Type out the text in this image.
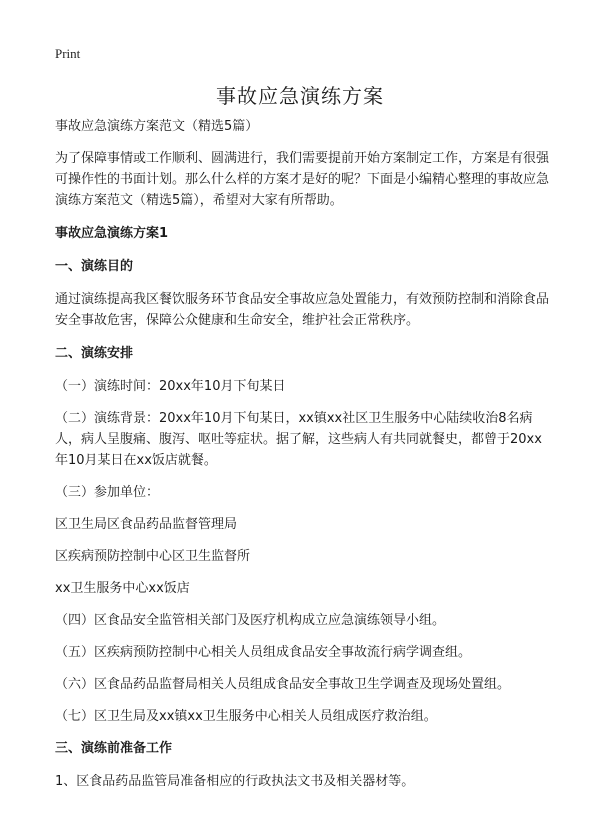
Print
事故应急演练方案

事故应急演练方案范文（精选5篇）

为了保障事情或工作顺利、圆满进行，我们需要提前开始方案制定工作，方案是有很强可操作性的书面计划。那么什么样的方案才是好的呢？下面是小编精心整理的事故应急演练方案范文（精选5篇），希望对大家有所帮助。

事故应急演练方案1

一、演练目的

通过演练提高我区餐饮服务环节食品安全事故应急处置能力，有效预防控制和消除食品安全事故危害，保障公众健康和生命安全，维护社会正常秩序。

二、演练安排

（一）演练时间：20xx年10月下旬某日

（二）演练背景：20xx年10月下旬某日，xx镇xx社区卫生服务中心陆续收治8名病人，病人呈腹痛、腹泻、呕吐等症状。据了解，这些病人有共同就餐史，都曾于20xx年10月某日在xx饭店就餐。

（三）参加单位：

区卫生局区食品药品监督管理局

区疾病预防控制中心区卫生监督所

xx卫生服务中心xx饭店

（四）区食品安全监管相关部门及医疗机构成立应急演练领导小组。

（五）区疾病预防控制中心相关人员组成食品安全事故流行病学调查组。

（六）区食品药品监督局相关人员组成食品安全事故卫生学调查及现场处置组。

（七）区卫生局及xx镇xx卫生服务中心相关人员组成医疗救治组。

三、演练前准备工作

1、区食品药品监管局准备相应的行政执法文书及相关器材等。
